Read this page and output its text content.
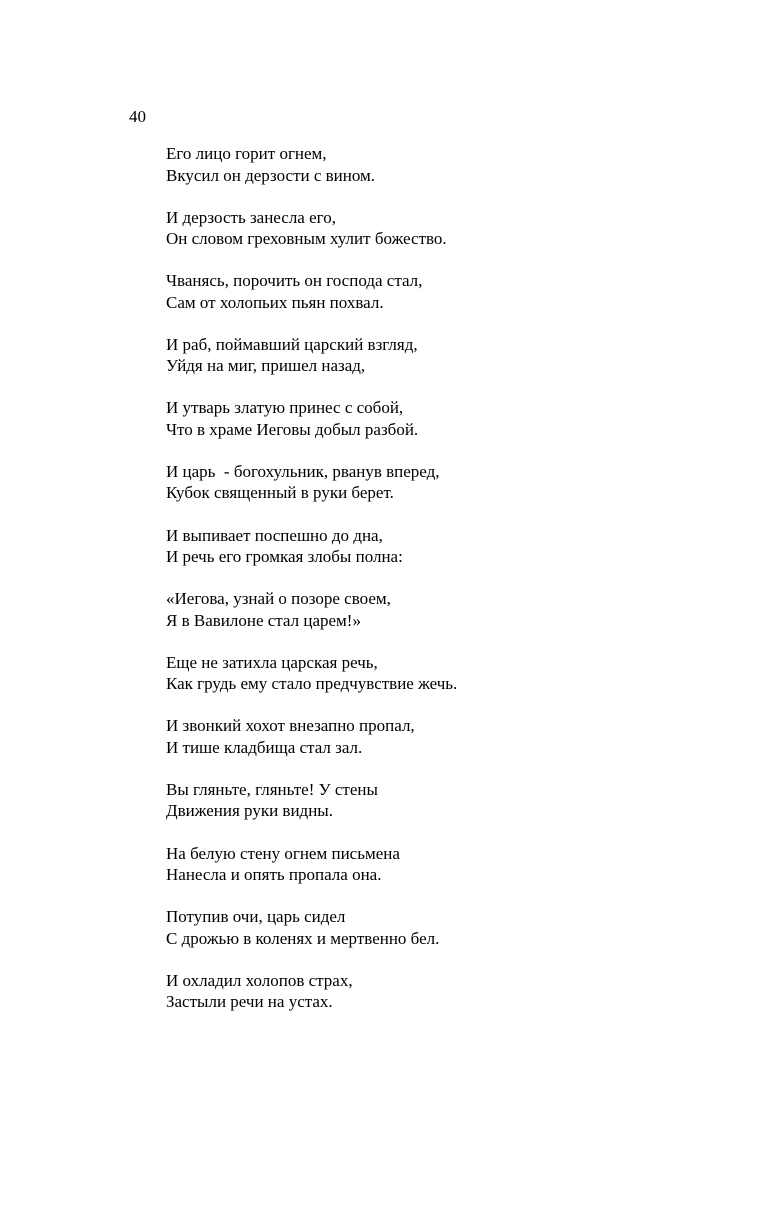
40
Его лицо горит огнем,
Вкусил он дерзости с вином.
И дерзость занесла его,
Он словом греховным хулит божество.
Чванясь, порочить он господа стал,
Сам от холопьих пьян похвал.
И раб, поймавший царский взгляд,
Уйдя на миг, пришел назад,
И утварь златую принес с собой,
Что в храме Иеговы добыл разбой.
И царь  - богохульник, рванув вперед,
Кубок священный в руки берет.
И выпивает поспешно до дна,
И речь его громкая злобы полна:
«Иегова, узнай о позоре своем,
Я в Вавилоне стал царем!»
Еще не затихла царская речь,
Как грудь ему стало предчувствие жечь.
И звонкий хохот внезапно пропал,
И тише кладбища стал зал.
Вы гляньте, гляньте! У стены
Движения руки видны.
На белую стену огнем письмена
Нанесла и опять пропала она.
Потупив очи, царь сидел
С дрожью в коленях и мертвенно бел.
И охладил холопов страх,
Застыли речи на устах.
